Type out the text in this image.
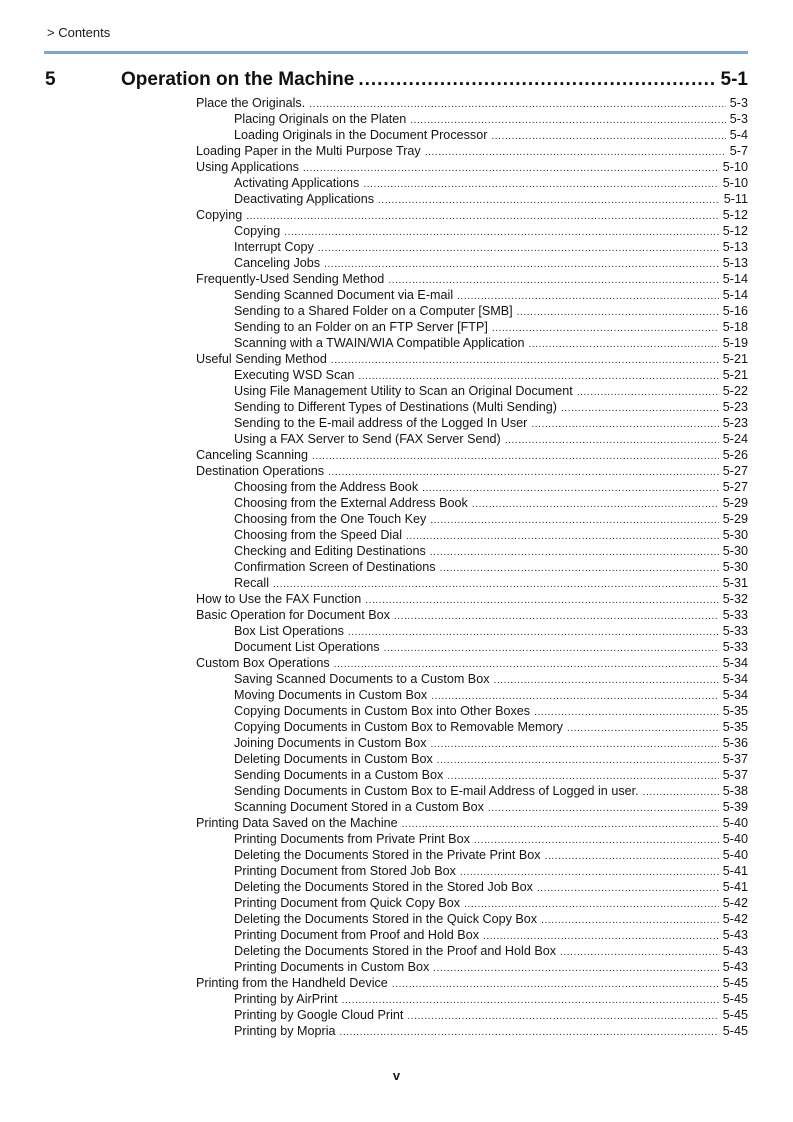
> Contents
5	Operation on the Machine .....	5-1
Place the Originals. .....	5-3
Placing Originals on the Platen .....	5-3
Loading Originals in the Document Processor .....	5-4
Loading Paper in the Multi Purpose Tray .....	5-7
Using Applications .....	5-10
Activating Applications .....	5-10
Deactivating Applications .....	5-11
Copying .....	5-12
Copying .....	5-12
Interrupt Copy .....	5-13
Canceling Jobs .....	5-13
Frequently-Used Sending Method .....	5-14
Sending Scanned Document via E-mail .....	5-14
Sending to a Shared Folder on a Computer [SMB] .....	5-16
Sending to an Folder on an FTP Server [FTP] .....	5-18
Scanning with a TWAIN/WIA Compatible Application .....	5-19
Useful Sending Method .....	5-21
Executing WSD Scan .....	5-21
Using File Management Utility to Scan an Original Document .....	5-22
Sending to Different Types of Destinations (Multi Sending) .....	5-23
Sending to the E-mail address of the Logged In User .....	5-23
Using a FAX Server to Send (FAX Server Send) .....	5-24
Canceling Scanning .....	5-26
Destination Operations .....	5-27
Choosing from the Address Book .....	5-27
Choosing from the External Address Book .....	5-29
Choosing from the One Touch Key .....	5-29
Choosing from the Speed Dial .....	5-30
Checking and Editing Destinations .....	5-30
Confirmation Screen of Destinations .....	5-30
Recall .....	5-31
How to Use the FAX Function .....	5-32
Basic Operation for Document Box .....	5-33
Box List Operations .....	5-33
Document List Operations .....	5-33
Custom Box Operations .....	5-34
Saving Scanned Documents to a Custom Box .....	5-34
Moving Documents in Custom Box .....	5-34
Copying Documents in Custom Box into Other Boxes .....	5-35
Copying Documents in Custom Box to Removable Memory .....	5-35
Joining Documents in Custom Box .....	5-36
Deleting Documents in Custom Box .....	5-37
Sending Documents in a Custom Box .....	5-37
Sending Documents in Custom Box to E-mail Address of Logged in user. .....	5-38
Scanning Document Stored in a Custom Box .....	5-39
Printing Data Saved on the Machine .....	5-40
Printing Documents from Private Print Box .....	5-40
Deleting the Documents Stored in the Private Print Box .....	5-40
Printing Document from Stored Job Box .....	5-41
Deleting the Documents Stored in the Stored Job Box .....	5-41
Printing Document from Quick Copy Box .....	5-42
Deleting the Documents Stored in the Quick Copy Box .....	5-42
Printing Document from Proof and Hold Box .....	5-43
Deleting the Documents Stored in the Proof and Hold Box .....	5-43
Printing Documents in Custom Box .....	5-43
Printing from the Handheld Device .....	5-45
Printing by AirPrint .....	5-45
Printing by Google Cloud Print .....	5-45
Printing by Mopria .....	5-45
v
